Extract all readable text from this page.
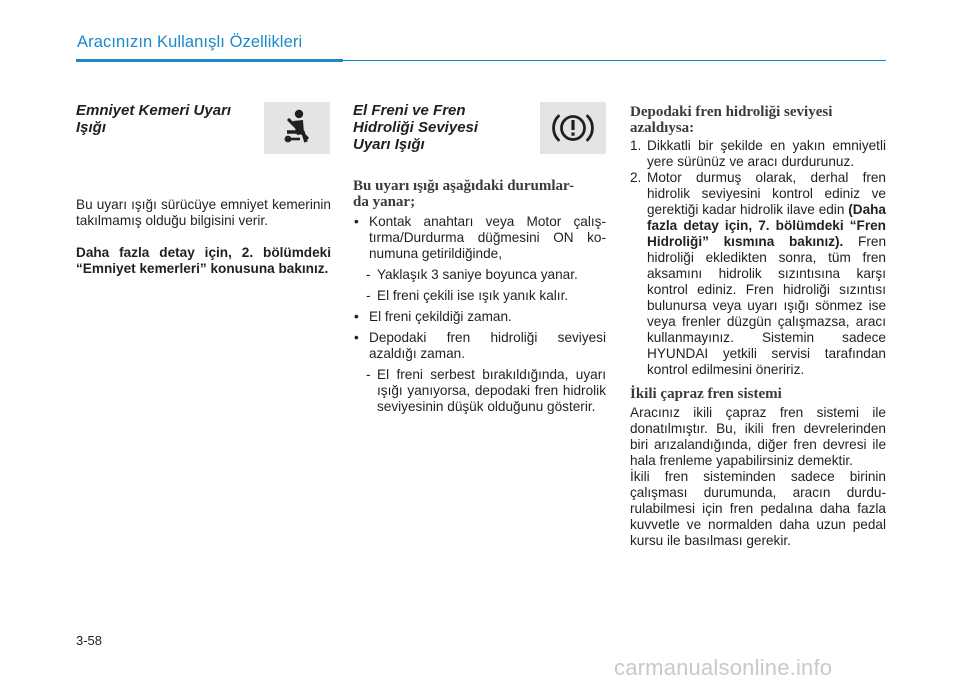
Aracınızın Kullanışlı Özellikleri
Emniyet Kemeri Uyarı
Işığı

Bu uyarı ışığı sürücüye emniyet kemerinin takılmamış olduğu bilgisini verir.

Daha fazla detay için, 2. bölümdeki “Emniyet kemerleri” konusuna bakınız.

El Freni ve Fren
Hidroliği Seviyesi
Uyarı Işığı
Bu uyarı ışığı aşağıdaki durumlar-
da yanar;

• Kontak anahtarı veya Motor çalıştırma/Durdurma düğmesini ON konumuna getirildiğinde,

- Yaklaşık 3 saniye boyunca yanar.

- El freni çekili ise ışık yanık kalır.

• El freni çekildiği zaman.

• Depodaki fren hidroliği seviyesi azaldığı zaman.

- El freni serbest bırakıldığında, uyarı ışığı yanıyorsa, depodaki fren hidrolik seviyesinin düşük olduğunu gösterir.

Depodaki fren hidroliği seviyesi
azaldıysa:

1. Dikkatli bir şekilde en yakın emniyetli yere sürünüz ve aracı durdurunuz.

2. Motor durmuş olarak, derhal fren hidrolik seviyesini kontrol ediniz ve gerektiği kadar hidrolik ilave edin (Daha fazla detay için, 7. bölümdeki “Fren Hidroliği” kısmına bakınız). Fren hidroliği ekledikten sonra, tüm fren aksamını hidrolik sızıntısına karşı kontrol ediniz. Fren hidroliği sızıntısı bulunursa veya uyarı ışığı sönmez ise veya frenler düzgün çalışmazsa, aracı kullanmayınız. Sistemin sadece HYUNDAI yetkili servisi tarafından kontrol edilmesini öneririz.

İkili çapraz fren sistemi

Aracınız ikili çapraz fren sistemi ile donatılmıştır. Bu, ikili fren devrelerinden biri arızalandığında, diğer fren devresi ile hala frenleme yapabilirsiniz demektir.

İkili fren sisteminden sadece birinin çalışması durumunda, aracın durdurulabilmesi için fren pedalına daha fazla kuvvetle ve normalden daha uzun pedal kursu ile basılması gerekir.

3-58
carmanualsonline.info
